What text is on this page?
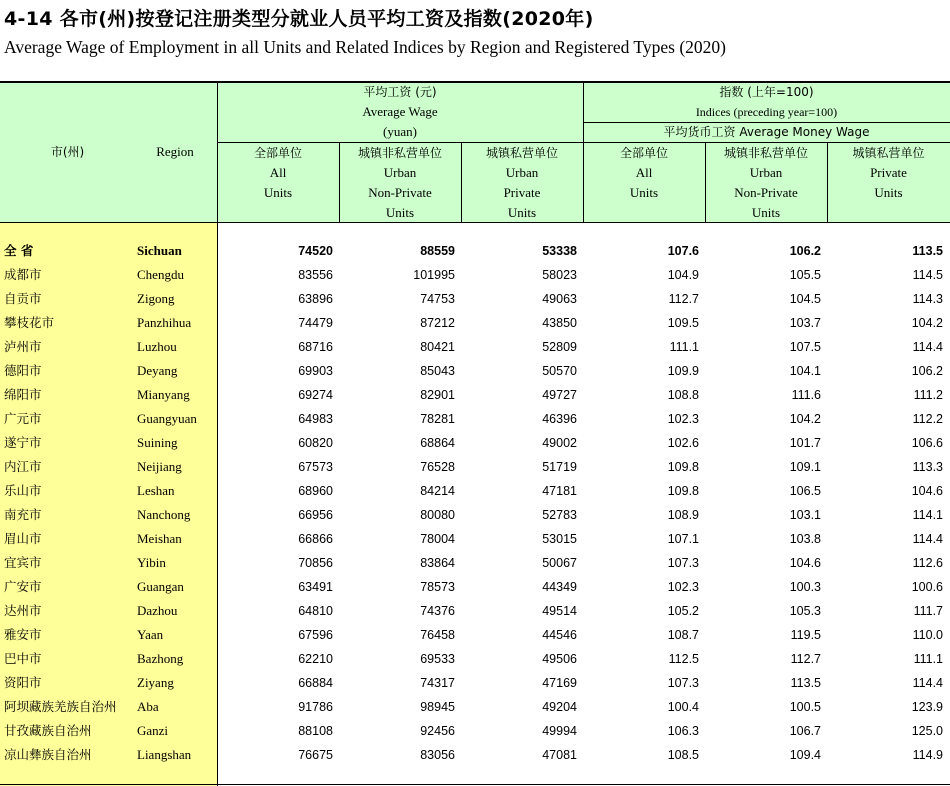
4-14 各市(州)按登记注册类型分就业人员平均工资及指数(2020年)
Average Wage of Employment in all Units and Related Indices by Region and Registered Types (2020)
市(州)	Region
平均工资 (元)
Average Wage
(yuan)
指数 (上年=100)
Indices (preceding year=100)
平均货币工资 Average Money Wage
全部单位
All
Units
城镇非私营单位
Urban
Non-Private
Units
城镇私营单位
Urban
Private
Units
全部单位
All
Units
城镇非私营单位
Urban
Non-Private
Units
城镇私营单位
Private
Units
全 省	Sichuan	74520	88559	53338	107.6	106.2	113.5
成都市	Chengdu	83556	101995	58023	104.9	105.5	114.5
自贡市	Zigong	63896	74753	49063	112.7	104.5	114.3
攀枝花市	Panzhihua	74479	87212	43850	109.5	103.7	104.2
泸州市	Luzhou	68716	80421	52809	111.1	107.5	114.4
德阳市	Deyang	69903	85043	50570	109.9	104.1	106.2
绵阳市	Mianyang	69274	82901	49727	108.8	111.6	111.2
广元市	Guangyuan	64983	78281	46396	102.3	104.2	112.2
遂宁市	Suining	60820	68864	49002	102.6	101.7	106.6
内江市	Neijiang	67573	76528	51719	109.8	109.1	113.3
乐山市	Leshan	68960	84214	47181	109.8	106.5	104.6
南充市	Nanchong	66956	80080	52783	108.9	103.1	114.1
眉山市	Meishan	66866	78004	53015	107.1	103.8	114.4
宜宾市	Yibin	70856	83864	50067	107.3	104.6	112.6
广安市	Guangan	63491	78573	44349	102.3	100.3	100.6
达州市	Dazhou	64810	74376	49514	105.2	105.3	111.7
雅安市	Yaan	67596	76458	44546	108.7	119.5	110.0
巴中市	Bazhong	62210	69533	49506	112.5	112.7	111.1
资阳市	Ziyang	66884	74317	47169	107.3	113.5	114.4
阿坝藏族羌族自治州 Aba	91786	98945	49204	100.4	100.5	123.9
甘孜藏族自治州	Ganzi	88108	92456	49994	106.3	106.7	125.0
凉山彝族自治州	Liangshan	76675	83056	47081	108.5	109.4	114.9
